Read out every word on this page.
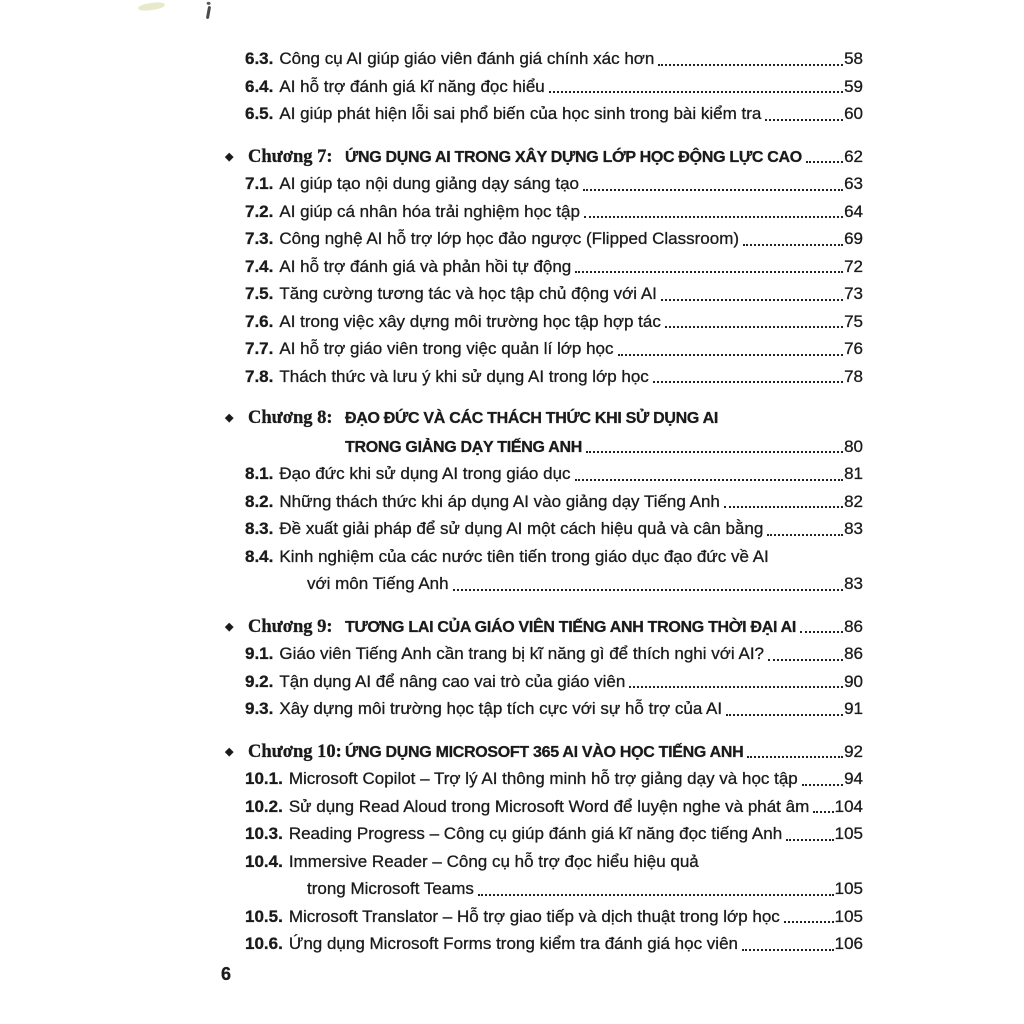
6.3. Công cụ AI giúp giáo viên đánh giá chính xác hơn	58
6.4. AI hỗ trợ đánh giá kĩ năng đọc hiểu	59
6.5. AI giúp phát hiện lỗi sai phổ biến của học sinh trong bài kiểm tra	60
◆ Chương 7: ỨNG DỤNG AI TRONG XÂY DỰNG LỚP HỌC ĐỘNG LỰC CAO 62
7.1. AI giúp tạo nội dung giảng dạy sáng tạo	63
7.2. AI giúp cá nhân hóa trải nghiệm học tập	64
7.3. Công nghệ AI hỗ trợ lớp học đảo ngược (Flipped Classroom)	69
7.4. AI hỗ trợ đánh giá và phản hồi tự động	72
7.5. Tăng cường tương tác và học tập chủ động với AI	73
7.6. AI trong việc xây dựng môi trường học tập hợp tác	75
7.7. AI hỗ trợ giáo viên trong việc quản lí lớp học	76
7.8. Thách thức và lưu ý khi sử dụng AI trong lớp học	78
◆ Chương 8: ĐẠO ĐỨC VÀ CÁC THÁCH THỨC KHI SỬ DỤNG AI
TRONG GIẢNG DẠY TIẾNG ANH	80
8.1. Đạo đức khi sử dụng AI trong giáo dục	81
8.2. Những thách thức khi áp dụng AI vào giảng dạy Tiếng Anh	82
8.3. Đề xuất giải pháp để sử dụng AI một cách hiệu quả và cân bằng	83
8.4. Kinh nghiệm của các nước tiên tiến trong giáo dục đạo đức về AI
với môn Tiếng Anh	83
◆ Chương 9: TƯƠNG LAI CỦA GIÁO VIÊN TIẾNG ANH TRONG THỜI ĐẠI AI	86
9.1. Giáo viên Tiếng Anh cần trang bị kĩ năng gì để thích nghi với AI?	86
9.2. Tận dụng AI để nâng cao vai trò của giáo viên	90
9.3. Xây dựng môi trường học tập tích cực với sự hỗ trợ của AI	91
◆ Chương 10: ỨNG DỤNG MICROSOFT 365 AI VÀO HỌC TIẾNG ANH	92
10.1. Microsoft Copilot – Trợ lý AI thông minh hỗ trợ giảng dạy và học tập	94
10.2. Sử dụng Read Aloud trong Microsoft Word để luyện nghe và phát âm 104
10.3. Reading Progress – Công cụ giúp đánh giá kĩ năng đọc tiếng Anh	105
10.4. Immersive Reader – Công cụ hỗ trợ đọc hiểu hiệu quả
trong Microsoft Teams	105
10.5. Microsoft Translator – Hỗ trợ giao tiếp và dịch thuật trong lớp học	105
10.6. Ứng dụng Microsoft Forms trong kiểm tra đánh giá học viên	106
6
